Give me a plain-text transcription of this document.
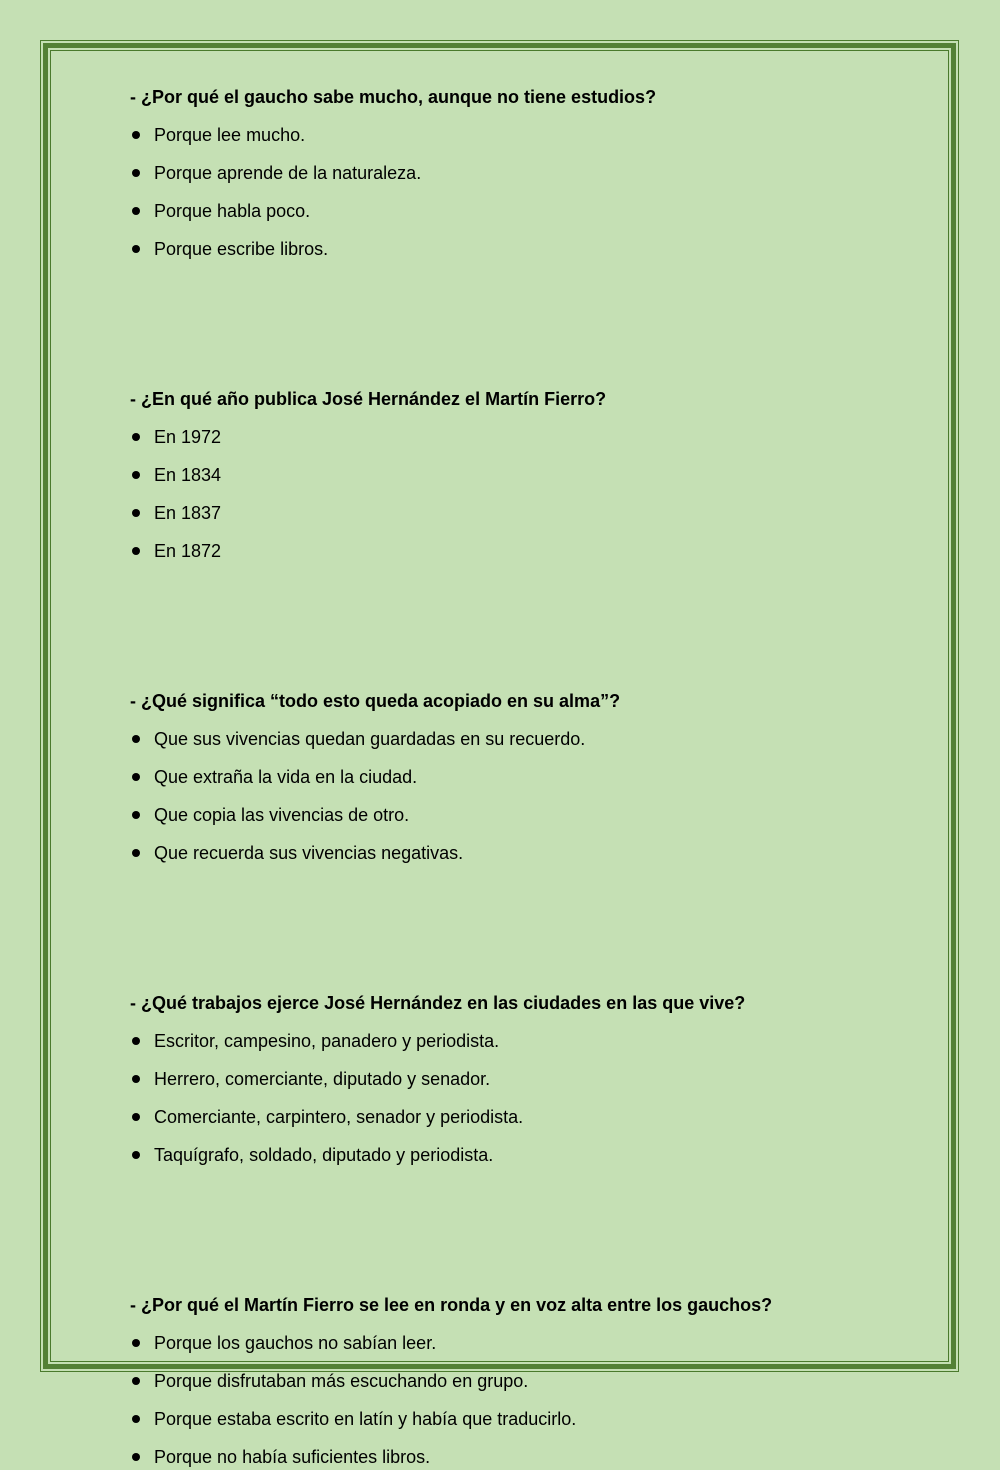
- ¿Por qué el gaucho sabe mucho, aunque no tiene estudios?

Porque lee mucho.
Porque aprende de la naturaleza.
Porque habla poco.
Porque escribe libros.

- ¿En qué año publica José Hernández el Martín Fierro?

En 1972
En 1834
En 1837
En 1872

- ¿Qué significa “todo esto queda acopiado en su alma”?

Que sus vivencias quedan guardadas en su recuerdo.
Que extraña la vida en la ciudad.
Que copia las vivencias de otro.
Que recuerda sus vivencias negativas.

- ¿Qué trabajos ejerce José Hernández en las ciudades en las que vive?

Escritor, campesino, panadero y periodista.
Herrero, comerciante, diputado y senador.
Comerciante, carpintero, senador y periodista.
Taquígrafo, soldado, diputado y periodista.

- ¿Por qué el Martín Fierro se lee en ronda y en voz alta entre los gauchos?

Porque los gauchos no sabían leer.
Porque disfrutaban más escuchando en grupo.
Porque estaba escrito en latín y había que traducirlo.
Porque no había suficientes libros.
